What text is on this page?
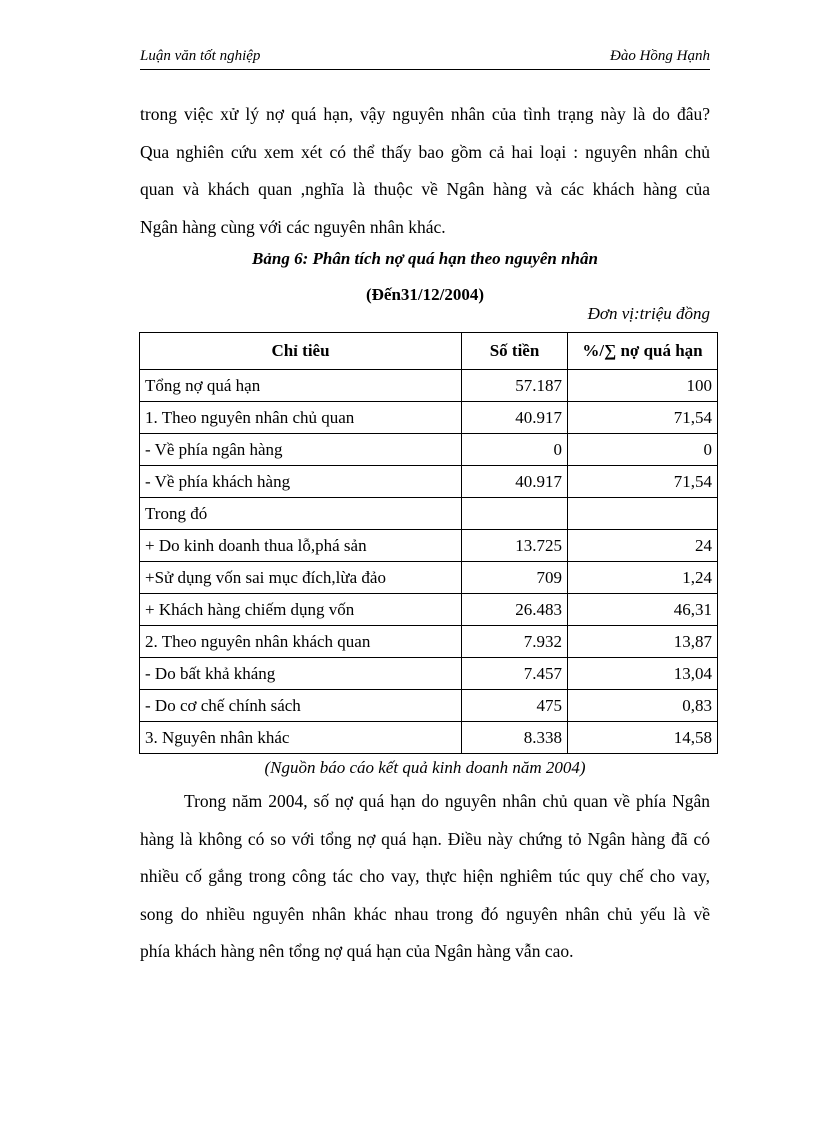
Luận văn tốt nghiệp	Đào Hồng Hạnh
trong việc xử lý nợ quá hạn, vậy nguyên nhân của tình trạng này là do đâu?
Qua nghiên cứu xem xét có thể thấy bao gồm cả hai loại : nguyên nhân chủ
quan và khách quan ,nghĩa là thuộc về Ngân hàng và các khách hàng của
Ngân hàng cùng với các nguyên nhân khác.
Bảng 6: Phân tích nợ quá hạn theo nguyên nhân
(Đến31/12/2004)
Đơn vị:triệu đồng
Chỉ tiêu	Số tiền	%/∑ nợ quá hạn
Tổng nợ quá hạn	57.187	100
1. Theo nguyên nhân chủ quan	40.917	71,54
- Về phía ngân hàng	0	0
- Về phía khách hàng	40.917	71,54
Trong đó		
+ Do kinh doanh thua lỗ,phá sản	13.725	24
+Sử dụng vốn sai mục đích,lừa đảo	709	1,24
+ Khách hàng chiếm dụng vốn	26.483	46,31
2. Theo nguyên nhân khách quan	7.932	13,87
- Do bất khả kháng	7.457	13,04
- Do cơ chế chính sách	475	0,83
3. Nguyên nhân khác	8.338	14,58
(Nguồn báo cáo kết quả kinh doanh năm 2004)
Trong năm 2004, số nợ quá hạn do nguyên nhân chủ quan về phía Ngân
hàng là không có so với tổng nợ quá hạn. Điều này chứng tỏ Ngân hàng đã có
nhiều cố gắng trong công tác cho vay, thực hiện nghiêm túc quy chế cho vay,
song do nhiều nguyên nhân khác nhau trong đó nguyên nhân chủ yếu là về
phía khách hàng nên tổng nợ quá hạn của Ngân hàng vẫn cao.
